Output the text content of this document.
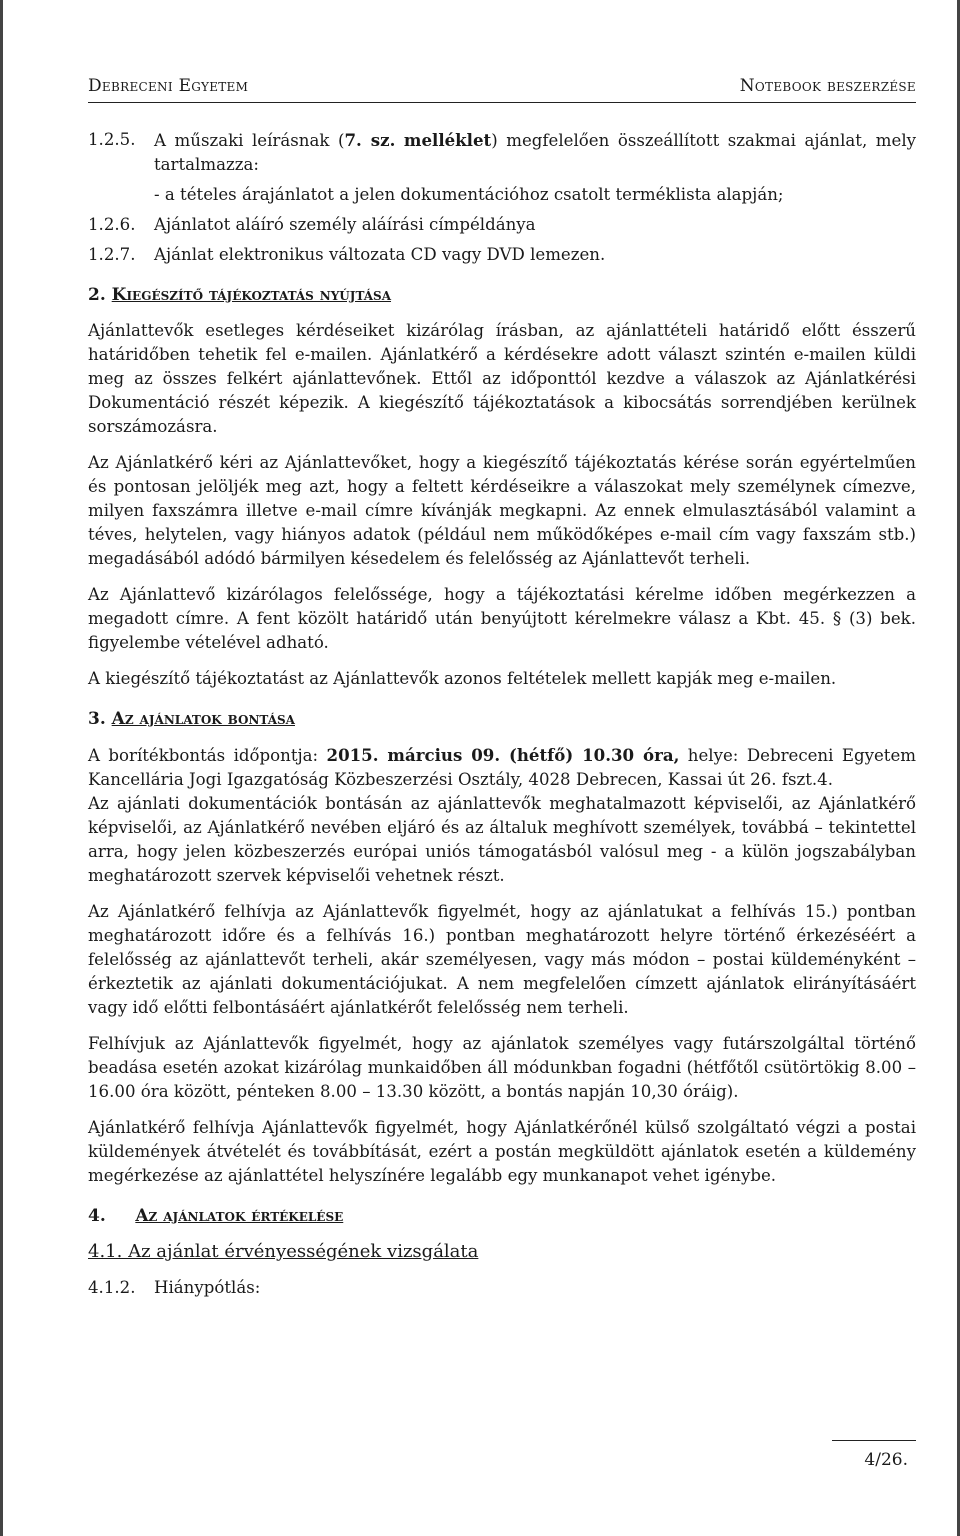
Debreceni Egyetem	Notebook beszerzése

1.2.5. A műszaki leírásnak (7. sz. melléklet) megfelelően összeállított szakmai ajánlat, mely tartalmazza:

- a tételes árajánlatot a jelen dokumentációhoz csatolt terméklista alapján;

1.2.6. Ajánlatot aláíró személy aláírási címpéldánya

1.2.7. Ajánlat elektronikus változata CD vagy DVD lemezen.

2. Kiegészítő tájékoztatás nyújtása

Ajánlattevők esetleges kérdéseiket kizárólag írásban, az ajánlattételi határidő előtt ésszerű határidőben tehetik fel e-mailen. Ajánlatkérő a kérdésekre adott választ szintén e-mailen küldi meg az összes felkért ajánlattevőnek. Ettől az időponttól kezdve a válaszok az Ajánlatkérési Dokumentáció részét képezik. A kiegészítő tájékoztatások a kibocsátás sorrendjében kerülnek sorszámozásra.

Az Ajánlatkérő kéri az Ajánlattevőket, hogy a kiegészítő tájékoztatás kérése során egyértelműen és pontosan jelöljék meg azt, hogy a feltett kérdéseikre a válaszokat mely személynek címezve, milyen faxszámra illetve e-mail címre kívánják megkapni. Az ennek elmulasztásából valamint a téves, helytelen, vagy hiányos adatok (például nem működőképes e-mail cím vagy faxszám stb.) megadásából adódó bármilyen késedelem és felelősség az Ajánlattevőt terheli.

Az Ajánlattevő kizárólagos felelőssége, hogy a tájékoztatási kérelme időben megérkezzen a megadott címre. A fent közölt határidő után benyújtott kérelmekre válasz a Kbt. 45. § (3) bek. figyelembe vételével adható.

A kiegészítő tájékoztatást az Ajánlattevők azonos feltételek mellett kapják meg e-mailen.

3. Az ajánlatok bontása

A borítékbontás időpontja: 2015. március 09. (hétfő) 10.30 óra, helye: Debreceni Egyetem Kancellária Jogi Igazgatóság Közbeszerzési Osztály, 4028 Debrecen, Kassai út 26. fszt.4.

Az ajánlati dokumentációk bontásán az ajánlattevők meghatalmazott képviselői, az Ajánlatkérő képviselői, az Ajánlatkérő nevében eljáró és az általuk meghívott személyek, továbbá – tekintettel arra, hogy jelen közbeszerzés európai uniós támogatásból valósul meg - a külön jogszabályban meghatározott szervek képviselői vehetnek részt.

Az Ajánlatkérő felhívja az Ajánlattevők figyelmét, hogy az ajánlatukat a felhívás 15.) pontban meghatározott időre és a felhívás 16.) pontban meghatározott helyre történő érkezéséért a felelősség az ajánlattevőt terheli, akár személyesen, vagy más módon – postai küldeményként – érkeztetik az ajánlati dokumentációjukat. A nem megfelelően címzett ajánlatok elirányításáért vagy idő előtti felbontásáért ajánlatkérőt felelősség nem terheli.

Felhívjuk az Ajánlattevők figyelmét, hogy az ajánlatok személyes vagy futárszolgáltal történő beadása esetén azokat kizárólag munkaidőben áll módunkban fogadni (hétfőtől csütörtökig 8.00 – 16.00 óra között, pénteken 8.00 – 13.30 között, a bontás napján 10,30 óráig).

Ajánlatkérő felhívja Ajánlattevők figyelmét, hogy Ajánlatkérőnél külső szolgáltató végzi a postai küldemények átvételét és továbbítását, ezért a postán megküldött ajánlatok esetén a küldemény megérkezése az ajánlattétel helyszínére legalább egy munkanapot vehet igénybe.

4. Az ajánlatok értékelése

4.1. Az ajánlat érvényességének vizsgálata

4.1.2. Hiánypótlás:

4/26.
